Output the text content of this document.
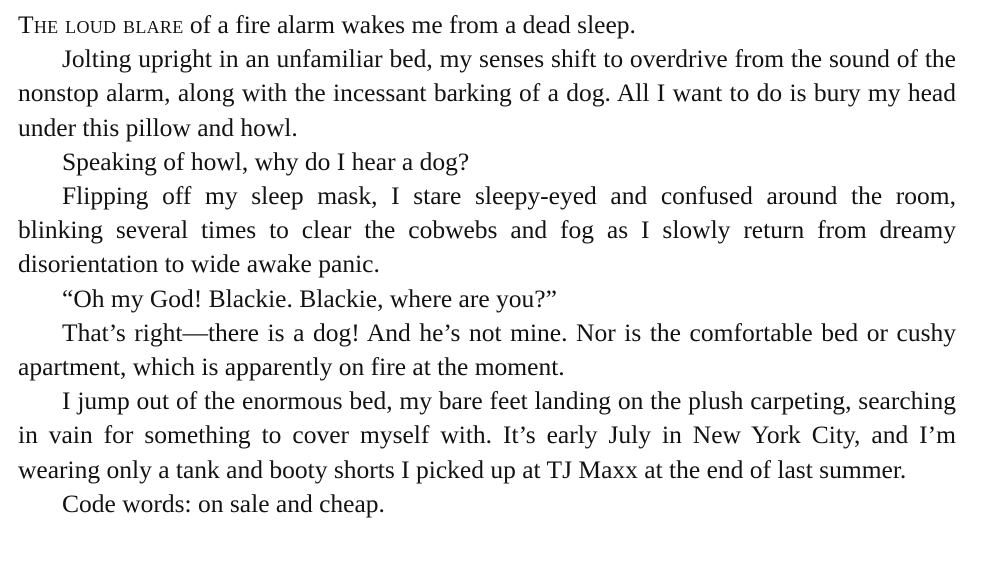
The loud blare of a fire alarm wakes me from a dead sleep.

Jolting upright in an unfamiliar bed, my senses shift to overdrive from the sound of the nonstop alarm, along with the incessant barking of a dog. All I want to do is bury my head under this pillow and howl.

Speaking of howl, why do I hear a dog?

Flipping off my sleep mask, I stare sleepy-eyed and confused around the room, blinking several times to clear the cobwebs and fog as I slowly return from dreamy disorientation to wide awake panic.

“Oh my God! Blackie. Blackie, where are you?”

That’s right—there is a dog! And he’s not mine. Nor is the comfortable bed or cushy apartment, which is apparently on fire at the moment.

I jump out of the enormous bed, my bare feet landing on the plush carpeting, searching in vain for something to cover myself with. It’s early July in New York City, and I’m wearing only a tank and booty shorts I picked up at TJ Maxx at the end of last summer.

Code words: on sale and cheap.
